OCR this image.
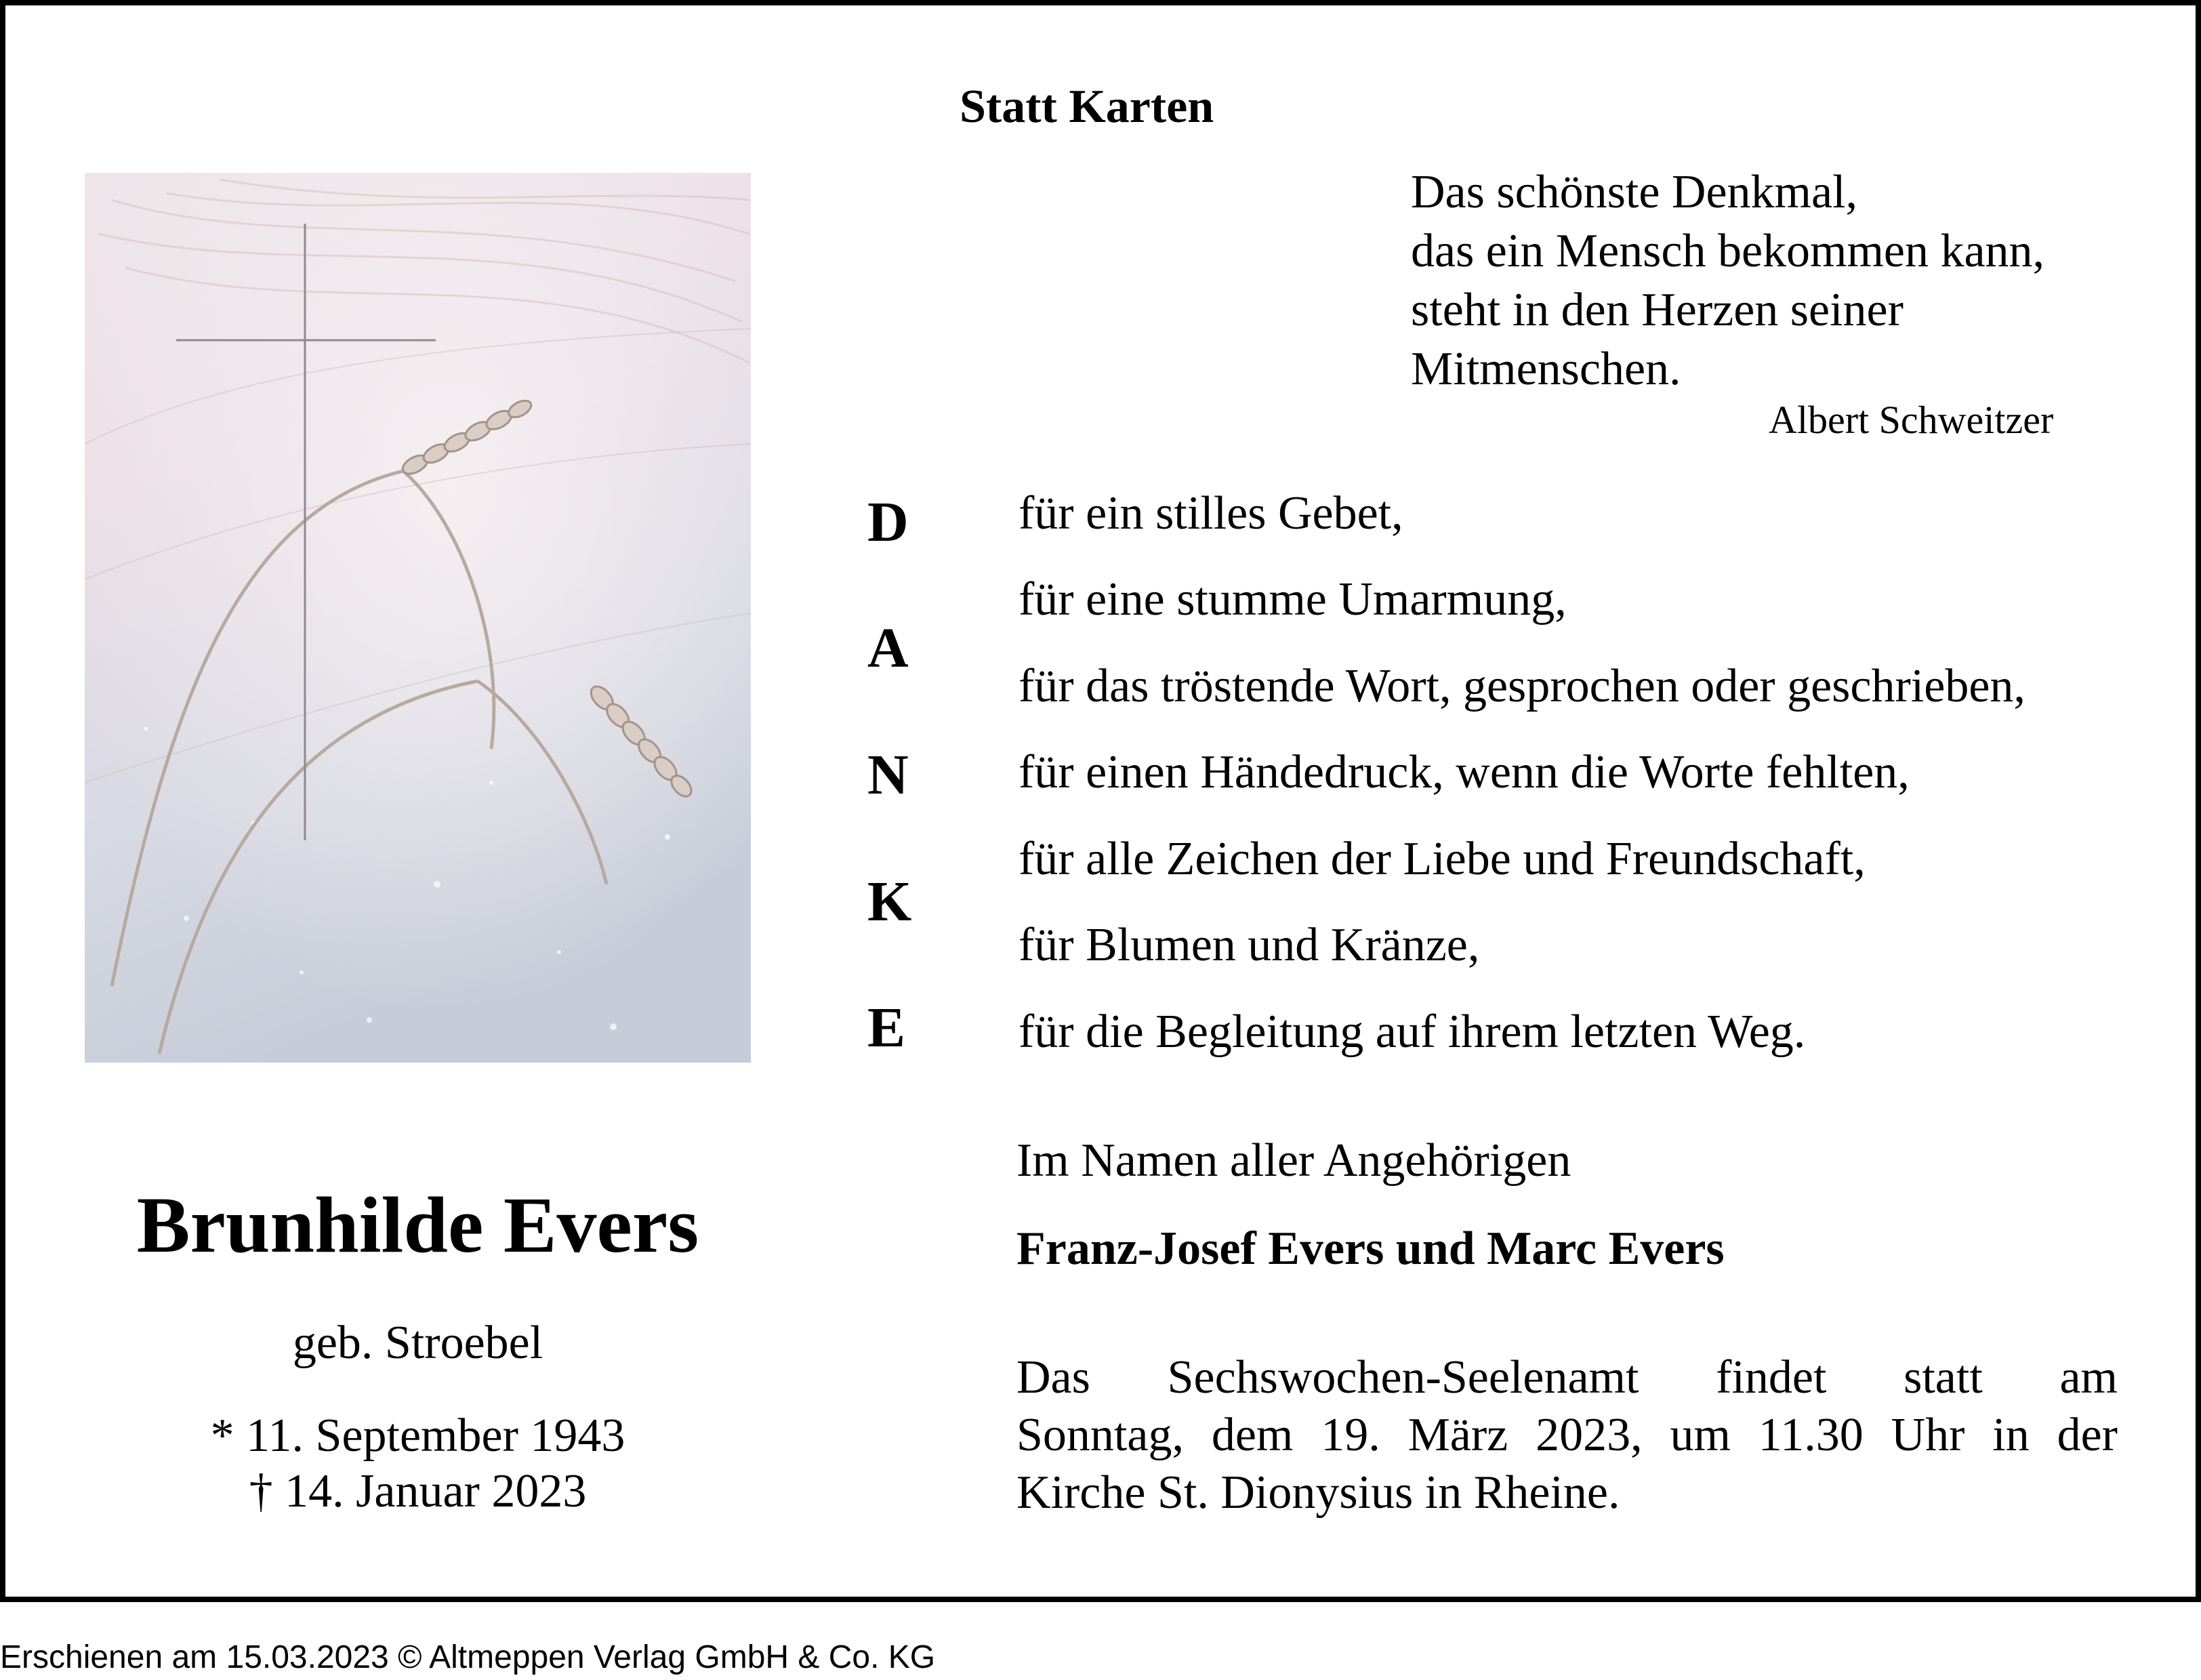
Statt Karten
Das schönste Denkmal,
das ein Mensch bekommen kann,
steht in den Herzen seiner
Mitmenschen.
Albert Schweitzer
D
A
N
K
E
für ein stilles Gebet,
für eine stumme Umarmung,
für das tröstende Wort, gesprochen oder geschrieben,
für einen Händedruck, wenn die Worte fehlten,
für alle Zeichen der Liebe und Freundschaft,
für Blumen und Kränze,
für die Begleitung auf ihrem letzten Weg.
Im Namen aller Angehörigen
Franz-Josef Evers und Marc Evers
Das Sechswochen-Seelenamt findet statt am
Sonntag, dem 19. März 2023, um 11.30 Uhr in der
Kirche St. Dionysius in Rheine.
Brunhilde Evers
geb. Stroebel
* 11. September 1943
† 14. Januar 2023
Erschienen am 15.03.2023 © Altmeppen Verlag GmbH & Co. KG
